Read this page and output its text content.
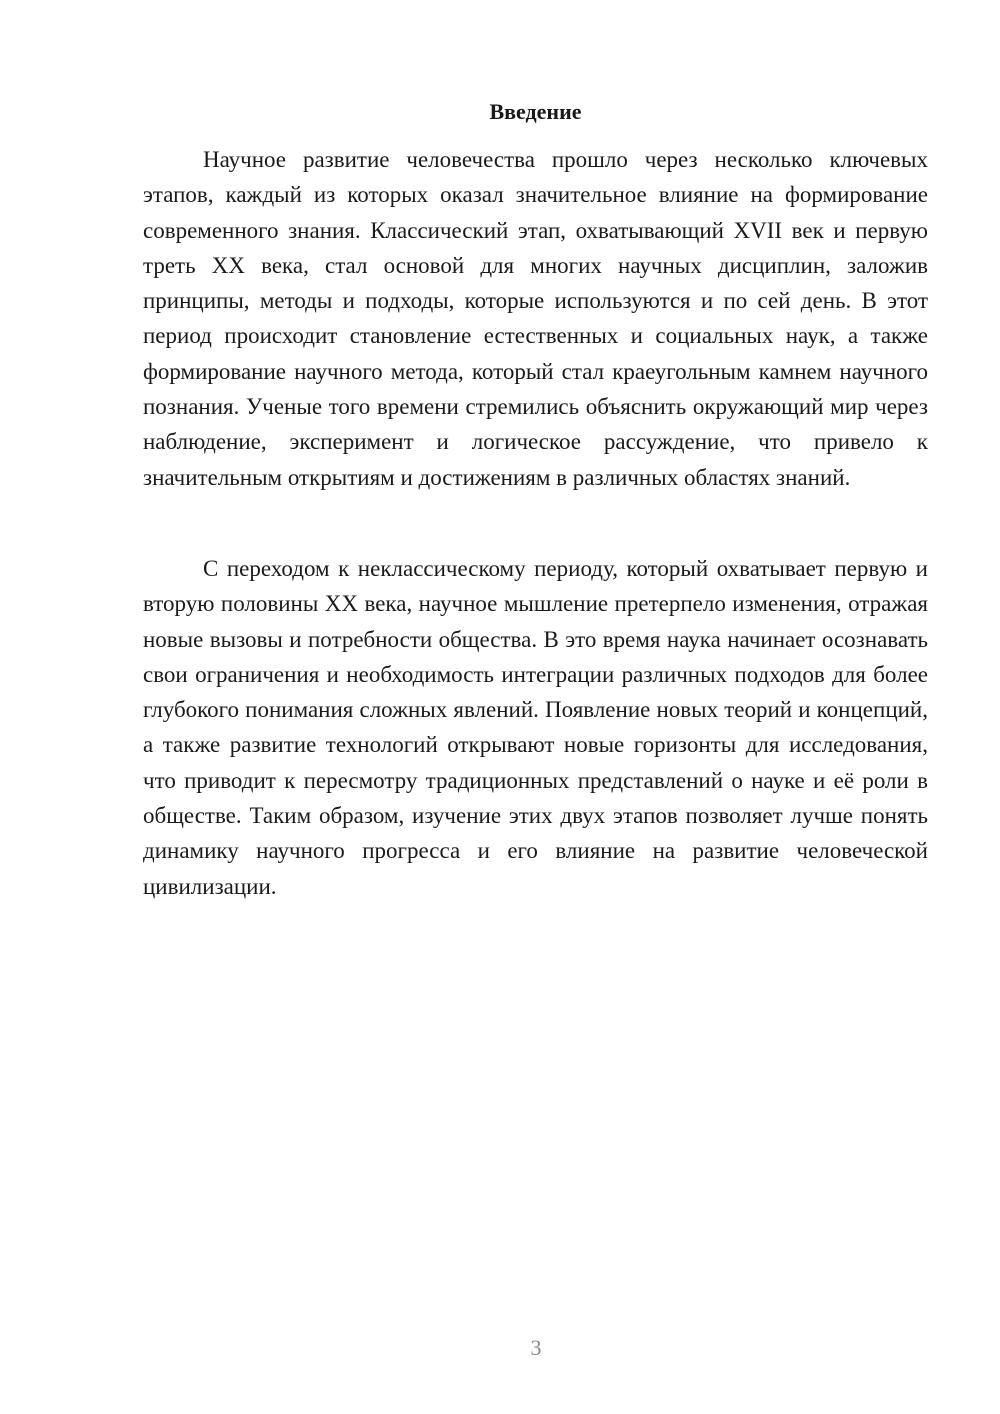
Введение

Научное развитие человечества прошло через несколько ключевых этапов, каждый из которых оказал значительное влияние на формирование современного знания. Классический этап, охватывающий XVII век и первую треть XX века, стал основой для многих научных дисциплин, заложив принципы, методы и подходы, которые используются и по сей день. В этот период происходит становление естественных и социальных наук, а также формирование научного метода, который стал краеугольным камнем научного познания. Ученые того времени стремились объяснить окружающий мир через наблюдение, эксперимент и логическое рассуждение, что привело к значительным открытиям и достижениям в различных областях знаний.

С переходом к неклассическому периоду, который охватывает первую и вторую половины XX века, научное мышление претерпело изменения, отражая новые вызовы и потребности общества. В это время наука начинает осознавать свои ограничения и необходимость интеграции различных подходов для более глубокого понимания сложных явлений. Появление новых теорий и концепций, а также развитие технологий открывают новые горизонты для исследования, что приводит к пересмотру традиционных представлений о науке и её роли в обществе. Таким образом, изучение этих двух этапов позволяет лучше понять динамику научного прогресса и его влияние на развитие человеческой цивилизации.

3
